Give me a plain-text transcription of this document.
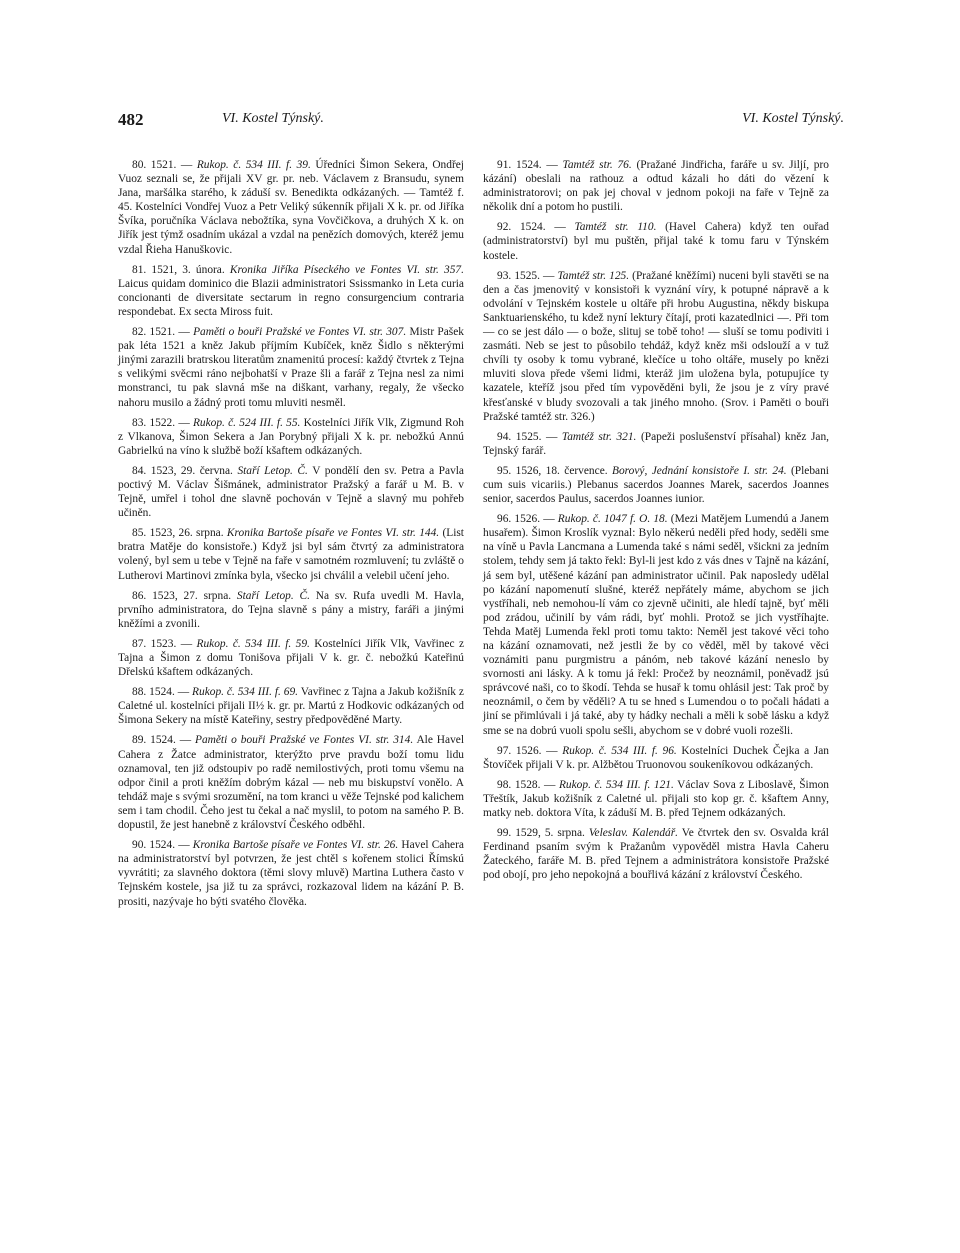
482	VI. Kostel Týnský.	VI. Kostel Týnský.

80. 1521. — Rukop. č. 534 III. f. 39. Úředníci Šimon Sekera, Ondřej Vuoz seznali se, že přijali XV gr. pr. neb. Václavem z Bransudu, synem Jana, maršálka starého, k záduší sv. Benedikta odkázaných. — Tamtéž f. 45. Kostelníci Vondřej Vuoz a Petr Veliký súkenník přijali X k. pr. od Jiříka Švíka, poručníka Václava nebožtíka, syna Vovčičkova, a druhých X k. on Jiřík jest týmž osadním ukázal a vzdal na penězích domových, kteréž jemu vzdal Řieha Hanuškovic.

81. 1521, 3. února. Kronika Jiříka Píseckého ve Fontes VI. str. 357. Laicus quidam dominico die Blazii administratori Ssissmanko in Leta curia concionanti de diversitate sectarum in regno consurgencium contraria respondebat. Ex secta Miross fuit.

82. 1521. — Paměti o bouři Pražské ve Fontes VI. str. 307. Mistr Pašek pak léta 1521 a kněz Jakub příjmím Kubíček, kněz Šidlo s některými jinými zarazili bratrskou literatům znamenitú procesí: každý čtvrtek z Tejna s velikými svěcmi ráno nejbohatší v Praze šli a farář z Tejna nesl za nimi monstranci, tu pak slavná mše na diškant, varhany, regaly, že všecko nahoru musilo a žádný proti tomu mluviti nesměl.

83. 1522. — Rukop. č. 524 III. f. 55. Kostelníci Jiřík Vlk, Zigmund Roh z Vlkanova, Šimon Sekera a Jan Porybný přijali X k. pr. nebožkú Annú Gabrielkú na víno k službě boží kšaftem odkázaných.

84. 1523, 29. června. Staří Letop. Č. V pondělí den sv. Petra a Pavla poctivý M. Václav Šišmánek, administrator Pražský a farář u M. B. v Tejně, umřel i tohol dne slavně pochován v Tejně a slavný mu pohřeb učiněn.

85. 1523, 26. srpna. Kronika Bartoše písaře ve Fontes VI. str. 144. (List bratra Matěje do konsistoře.) Když jsi byl sám čtvrtý za administratora volený, byl sem u tebe v Tejně na faře v samotném rozmluvení; tu zvláště o Lutherovi Martinovi zmínka byla, všecko jsi chválil a velebil učení jeho.

86. 1523, 27. srpna. Staří Letop. Č. Na sv. Rufa uvedli M. Havla, prvního administratora, do Tejna slavně s pány a mistry, faráři a jinými kněžími a zvonili.

87. 1523. — Rukop. č. 534 III. f. 59. Kostelníci Jiřík Vlk, Vavřinec z Tajna a Šimon z domu Tonišova přijali V k. gr. č. nebožkú Kateřinú Dřelskú kšaftem odkázaných.

88. 1524. — Rukop. č. 534 III. f. 69. Vavřinec z Tajna a Jakub kožišník z Caletné ul. kostelníci přijali II½ k. gr. pr. Martú z Hodkovic odkázaných od Šimona Sekery na místě Kateřiny, sestry předpověděné Marty.

89. 1524. — Paměti o bouři Pražské ve Fontes VI. str. 314. Ale Havel Cahera z Žatce administrator, kterýžto prve pravdu boží tomu lidu oznamoval, ten již odstoupiv po radě nemilostivých, proti tomu všemu na odpor činil a proti kněžím dobrým kázal — neb mu biskupství vonělo. A tehdáž maje s svými srozumění, na tom kranci u věže Tejnské pod kalichem sem i tam chodil. Čeho jest tu čekal a nač myslil, to potom na samého P. B. dopustil, že jest hanebně z království Českého odběhl.

90. 1524. — Kronika Bartoše písaře ve Fontes VI. str. 26. Havel Cahera na administratorství byl potvrzen, že jest chtěl s kořenem stolici Římskú vyvrátiti; za slavného doktora (těmi slovy mluvě) Martina Luthera často v Tejnském kostele, jsa již tu za správci, rozkazoval lidem na kázání P. B. prositi, nazývaje ho býti svatého člověka.

91. 1524. — Tamtéž str. 76. (Pražané Jindřicha, faráře u sv. Jiljí, pro kázání) obeslali na rathouz a odtud kázali ho dáti do vězení k administratorovi; on pak jej choval v jednom pokoji na faře v Tejně za několik dní a potom ho pustili.

92. 1524. — Tamtéž str. 110. (Havel Cahera) když ten ouřad (administratorství) byl mu puštěn, přijal také k tomu faru v Týnském kostele.

93. 1525. — Tamtéž str. 125. (Pražané kněžími) nuceni byli stavěti se na den a čas jmenovitý v konsistoři k vyznání víry, k potupné nápravě a k odvolání v Tejnském kostele u oltáře při hrobu Augustina, někdy biskupa Sanktuarienského, tu kdež nyní lektury čítají, proti kazatedlnici —. Při tom — co se jest dálo — o bože, slituj se tobě toho! — sluší se tomu podiviti i zasmáti. Neb se jest to působilo tehdáž, když kněz mši odslouží a v tuž chvíli ty osoby k tomu vybrané, klečíce u toho oltáře, musely po knězi mluviti slova přede všemi lidmi, kteráž jim uložena byla, potupujíce ty kazatele, kteříž jsou před tím vypověděni byli, že jsou je z víry pravé křesťanské v bludy svozovali a tak jiného mnoho. (Srov. i Paměti o bouři Pražské tamtéž str. 326.)

94. 1525. — Tamtéž str. 321. (Papeži poslušenství přísahal) kněz Jan, Tejnský farář.

95. 1526, 18. července. Borový, Jednání konsistoře I. str. 24. (Plebani cum suis vicariis.) Plebanus sacerdos Joannes Marek, sacerdos Joannes senior, sacerdos Paulus, sacerdos Joannes iunior.

96. 1526. — Rukop. č. 1047 f. O. 18. (Mezi Matějem Lumendú a Janem husařem). Šimon Kroslík vyznal: Bylo někerú neděli před hody, seděli sme na víně u Pavla Lancmana a Lumenda také s námi seděl, všickni za jedním stolem, tehdy sem já takto řekl: Byl-li jest kdo z vás dnes v Tajně na kázání, já sem byl, utěšené kázání pan administrator učinil. Pak naposledy udělal po kázání napomenutí slušné, kteréž nepřátely máme, abychom se jich vystříhali, neb nemohou-lí vám co zjevně učiniti, ale hledí tajně, byť měli pod zrádou, učinilí by vám rádi, byť mohli. Protož se jich vystříhajte. Tehda Matěj Lumenda řekl proti tomu takto: Neměl jest takové věci toho na kázání oznamovati, než jestli že by co věděl, měl by takové věci voznámiti panu purgmistru a pánóm, neb takové kázání neneslo by svornosti ani lásky. A k tomu já řekl: Pročež by neoznámil, poněvadž jsú správcové naši, co to škodí. Tehda se husař k tomu ohlásil jest: Tak proč by neoznámil, o čem by věděli? A tu se hned s Lumendou o to počali hádati a jiní se přimlúvali i já také, aby ty hádky nechali a měli k sobě lásku a když sme se na dobrú vuoli spolu sešli, abychom se v dobré vuoli rozešli.

97. 1526. — Rukop. č. 534 III. f. 96. Kostelníci Duchek Čejka a Jan Štovíček přijali V k. pr. Alžbětou Truonovou soukeníkovou odkázaných.

98. 1528. — Rukop. č. 534 III. f. 121. Václav Sova z Liboslavě, Šimon Třeštík, Jakub kožišník z Caletné ul. přijali sto kop gr. č. kšaftem Anny, matky neb. doktora Víta, k záduší M. B. před Tejnem odkázaných.

99. 1529, 5. srpna. Veleslav. Kalendář. Ve čtvrtek den sv. Osvalda král Ferdinand psaním svým k Pražanům vypověděl mistra Havla Caheru Žateckého, faráře M. B. před Tejnem a administrátora konsistoře Pražské pod obojí, pro jeho nepokojná a bouřlivá kázání z království Českého.
